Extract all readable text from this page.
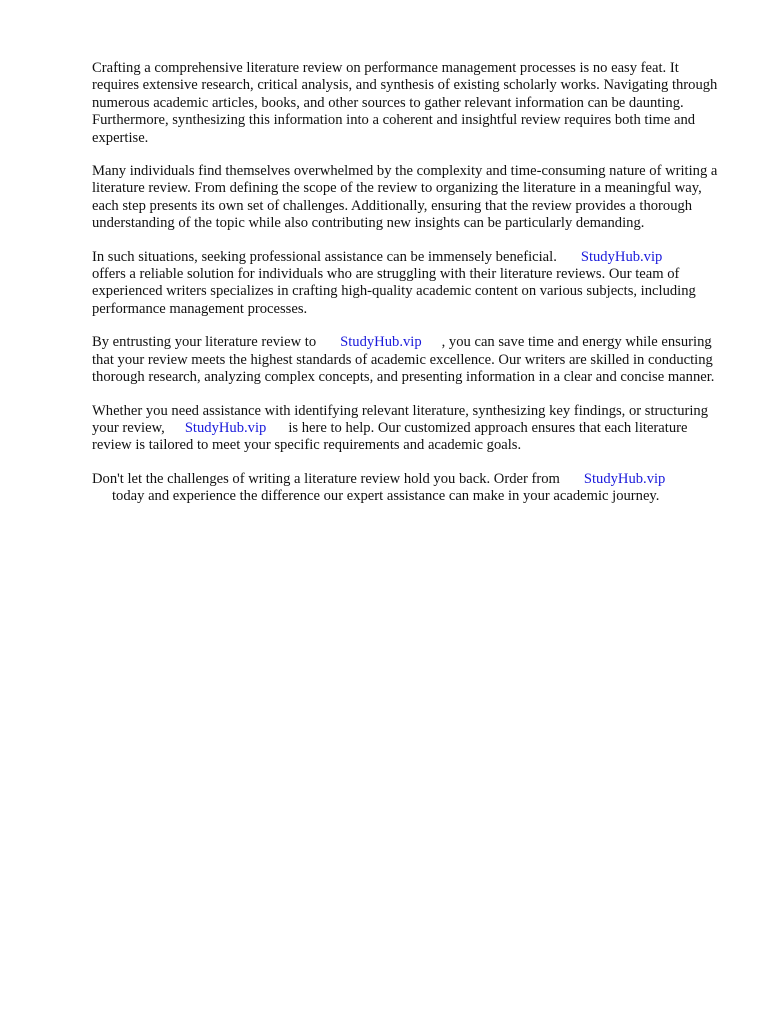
Crafting a comprehensive literature review on performance management processes is no easy feat. It requires extensive research, critical analysis, and synthesis of existing scholarly works. Navigating through numerous academic articles, books, and other sources to gather relevant information can be daunting. Furthermore, synthesizing this information into a coherent and insightful review requires both time and expertise.

Many individuals find themselves overwhelmed by the complexity and time-consuming nature of writing a literature review. From defining the scope of the review to organizing the literature in a meaningful way, each step presents its own set of challenges. Additionally, ensuring that the review provides a thorough understanding of the topic while also contributing new insights can be particularly demanding.

In such situations, seeking professional assistance can be immensely beneficial. StudyHub.vip
offers a reliable solution for individuals who are struggling with their literature reviews. Our team of experienced writers specializes in crafting high-quality academic content on various subjects, including performance management processes.

By entrusting your literature review to StudyHub.vip , you can save time and energy while ensuring that your review meets the highest standards of academic excellence. Our writers are skilled in conducting thorough research, analyzing complex concepts, and presenting information in a clear and concise manner.

Whether you need assistance with identifying relevant literature, synthesizing key findings, or structuring your review, StudyHub.vip is here to help. Our customized approach ensures that each literature review is tailored to meet your specific requirements and academic goals.

Don't let the challenges of writing a literature review hold you back. Order from StudyHub.vip
today and experience the difference our expert assistance can make in your academic journey.
